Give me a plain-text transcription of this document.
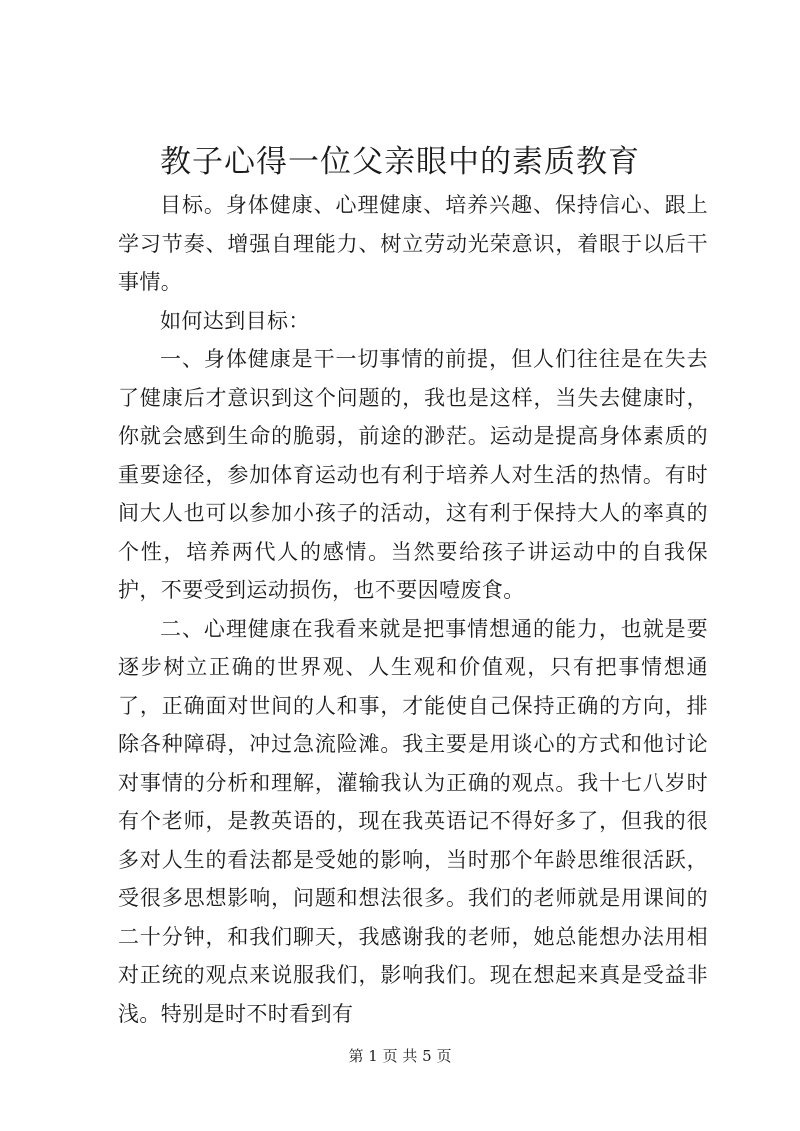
教子心得一位父亲眼中的素质教育

目标。身体健康、心理健康、培养兴趣、保持信心、跟上学习节奏、增强自理能力、树立劳动光荣意识，着眼于以后干事情。

如何达到目标：

一、身体健康是干一切事情的前提，但人们往往是在失去了健康后才意识到这个问题的，我也是这样，当失去健康时，你就会感到生命的脆弱，前途的渺茫。运动是提高身体素质的重要途径，参加体育运动也有利于培养人对生活的热情。有时间大人也可以参加小孩子的活动，这有利于保持大人的率真的个性，培养两代人的感情。当然要给孩子讲运动中的自我保护，不要受到运动损伤，也不要因噎废食。

二、心理健康在我看来就是把事情想通的能力，也就是要逐步树立正确的世界观、人生观和价值观，只有把事情想通了，正确面对世间的人和事，才能使自己保持正确的方向，排除各种障碍，冲过急流险滩。我主要是用谈心的方式和他讨论对事情的分析和理解，灌输我认为正确的观点。我十七八岁时有个老师，是教英语的，现在我英语记不得好多了，但我的很多对人生的看法都是受她的影响，当时那个年龄思维很活跃，受很多思想影响，问题和想法很多。我们的老师就是用课间的二十分钟，和我们聊天，我感谢我的老师，她总能想办法用相对正统的观点来说服我们，影响我们。现在想起来真是受益非浅。特别是时不时看到有

第 1 页 共 5 页
